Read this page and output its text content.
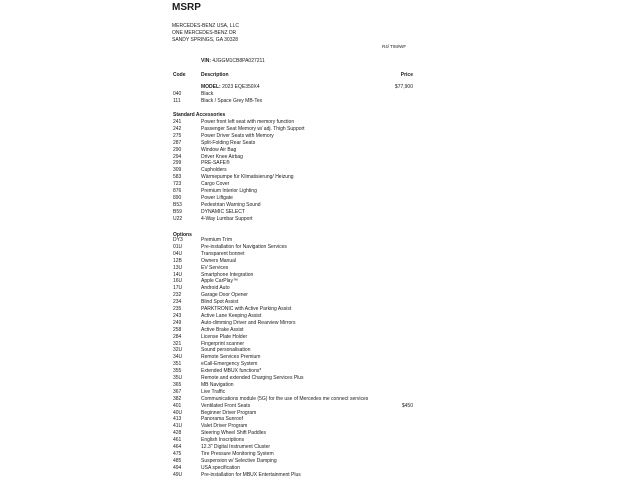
MSRP
MERCEDES-BENZ USA, LLC
ONE MERCEDES-BENZ DR
SANDY SPRINGS, GA 30328
R4/ TIM/WF
VIN: 4JGGM1CB8PA027211
Code	Description	Price
MODEL: 2023 EQE350X4	$77,900
040	Black
111	Black / Space Grey MB-Tex
Standard Accessories
241	Power front left seat with memory function
242	Passenger Seat Memory w/ adj. Thigh Support
275	Power Driver Seats with Memory
287	Split-Folding Rear Seats
290	Window Air Bag
294	Driver Knee Airbag
299	PRE-SAFE®
309	Cupholders
583	Wärmepumpe für Klimatisierung/ Heizung
723	Cargo Cover
876	Premium Interior Lighting
890	Power Liftgate
B53	Pedestrian Warning Sound
B59	DYNAMIC SELECT
U22	4-Way Lumbar Support
Options
DY3	Premium Trim
01U	Pre-installation for Navigation Services
04U	Transparent bonnet
12B	Owners Manual
13U	EV Services
14U	Smartphone Integration
16U	Apple CarPlay™
17U	Android Auto
232	Garage Door Opener
234	Blind Spot Assist
235	PARKTRONIC with Active Parking Assist
243	Active Lane Keeping Assist
249	Auto-dimming Driver and Rearview Mirrors
258	Active Brake Assist
284	License Plate Holder
321	Fingerprint scanner
32U	Sound personalisation
34U	Remote Services Premium
351	eCall-Emergency System
355	Extended MBUX functions*
35U	Remote and extended Charging Services Plus
365	MB Navigation
367	Live Traffic
382	Communications module (5G) for the use of Mercedes me connect services
401	Ventilated Front Seats	$450
40U	Beginner Driver Program
413	Panorama Sunroof
41U	Valet Driver Program
428	Steering Wheel Shift Paddles
461	English Inscriptions
464	12.3" Digital Instrument Cluster
475	Tire Pressure Monitoring System
485	Suspension w/ Selective Damping
494	USA specification
49U	Pre-installation for MBUX Entertainment Plus
